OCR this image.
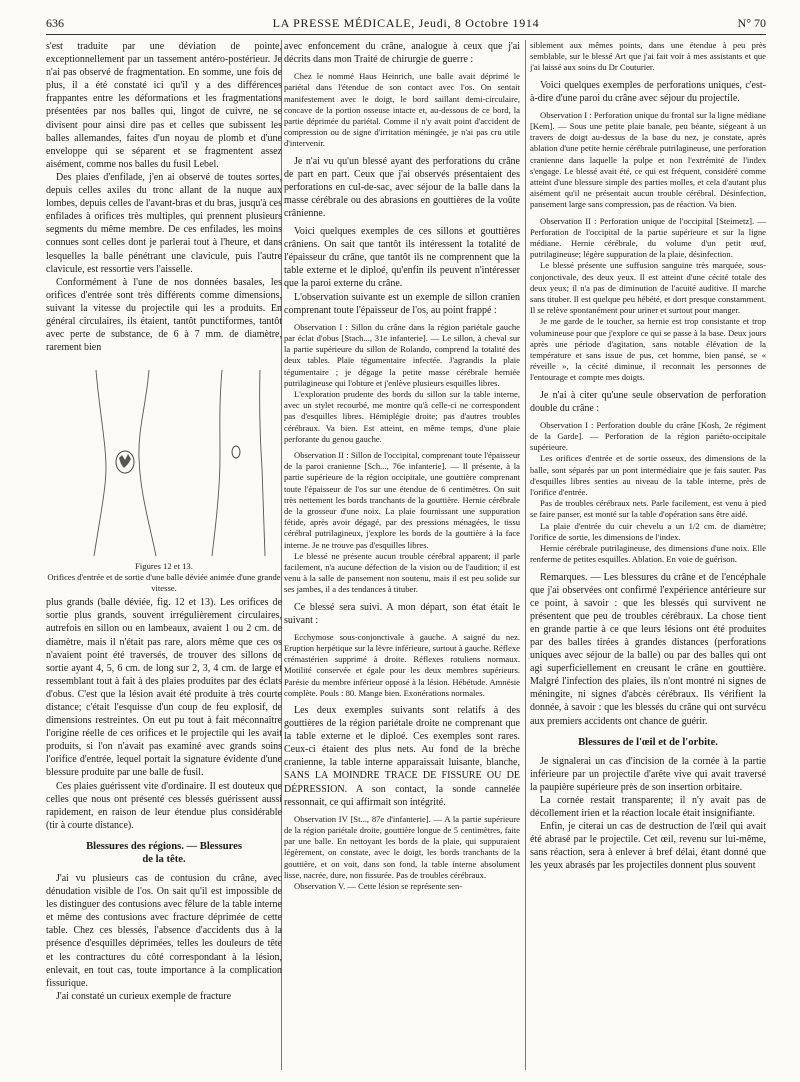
636	LA PRESSE MÉDICALE, Jeudi, 8 Octobre 1914	N° 70

s'est traduite par une déviation de pointe, exceptionnellement par un tassement antéro-postérieur. Je n'ai pas observé de fragmentation. En somme, une fois de plus, il a été constaté ici qu'il y a des différences frappantes entre les déformations et les fragmentations présentées par nos balles qui, lingot de cuivre, ne se divisent pour ainsi dire pas et celles que subissent les balles allemandes, faites d'un noyau de plomb et d'une enveloppe qui se séparent et se fragmentent assez aisément, comme nos balles du fusil Lebel.

Des plaies d'enfilade, j'en ai observé de toutes sortes, depuis celles axiles du tronc allant de la nuque aux lombes, depuis celles de l'avant-bras et du bras, jusqu'à ces enfilades à orifices très multiples, qui prennent plusieurs segments du même membre. De ces enfilades, les moins connues sont celles dont je parlerai tout à l'heure, et dans lesquelles la balle pénétrant une clavicule, puis l'autre clavicule, est ressortie vers l'aisselle.

Conformément à l'une de nos données basales, les orifices d'entrée sont très différents comme dimensions, suivant la vitesse du projectile qui les a produits. En général circulaires, ils étaient, tantôt punctiformes, tantôt avec perte de substance, de 6 à 7 mm. de diamètre, rarement bien

Figures 12 et 13.
Orifices d'entrée et de sortie d'une balle déviée animée d'une grande vitesse.

plus grands (balle déviée, fig. 12 et 13). Les orifices de sortie plus grands, souvent irrégulièrement circulaires, autrefois en sillon ou en lambeaux, avaient 1 ou 2 cm. de diamètre, mais il n'était pas rare, alors même que ces os n'avaient point été traversés, de trouver des sillons de sortie ayant 4, 5, 6 cm. de long sur 2, 3, 4 cm. de large et ressemblant tout à fait à des plaies produites par des éclats d'obus. C'est que la lésion avait été produite à très courte distance; c'était l'esquisse d'un coup de feu explosif, de dimensions restreintes. On eut pu tout à fait méconnaître l'origine réelle de ces orifices et le projectile qui les avait produits, si l'on n'avait pas examiné avec grands soins l'orifice d'entrée, lequel portait la signature évidente d'une blessure produite par une balle de fusil.

Ces plaies guérissent vite d'ordinaire. Il est douteux que celles que nous ont présenté ces blessés guérissent aussi rapidement, en raison de leur étendue plus considérable (tir à courte distance).

Blessures des régions. — Blessures
de la tête.

J'ai vu plusieurs cas de contusion du crâne, avec dénudation visible de l'os. On sait qu'il est impossible de les distinguer des contusions avec fêlure de la table interne et même des contusions avec fracture déprimée de cette table. Chez ces blessés, l'absence d'accidents dus à la présence d'esquilles déprimées, telles les douleurs de tête et les contractures du côté correspondant à la lésion, enlevait, en tout cas, toute importance à la complication fissurique.

J'ai constaté un curieux exemple de fracture

avec enfoncement du crâne, analogue à ceux que j'ai décrits dans mon Traité de chirurgie de guerre :

Chez le nommé Haus Heinrich, une balle avait déprimé le pariétal dans l'étendue de son contact avec l'os. On sentait manifestement avec le doigt, le bord saillant demi-circulaire, concave de la portion osseuse intacte et, au-dessous de ce bord, la partie déprimée du pariétal. Comme il n'y avait point d'accident de compression ou de signe d'irritation méningée, je n'ai pas cru utile d'intervenir.

Je n'ai vu qu'un blessé ayant des perforations du crâne de part en part. Ceux que j'ai observés présentaient des perforations en cul-de-sac, avec séjour de la balle dans la masse cérébrale ou des abrasions en gouttières de la voûte crânienne.

Voici quelques exemples de ces sillons et gouttières crâniens. On sait que tantôt ils intéressent la totalité de l'épaisseur du crâne, que tantôt ils ne comprennent que la table externe et le diploé, qu'enfin ils peuvent n'intéresser que la paroi externe du crâne.

L'observation suivante est un exemple de sillon cranien comprenant toute l'épaisseur de l'os, au point frappé :

Observation I : Sillon du crâne dans la région pariétale gauche par éclat d'obus [Stach..., 31e infanterie]. — Le sillon, à cheval sur la partie supérieure du sillon de Rolando, comprend la totalité des deux tables. Plaie tégumentaire infectée. J'agrandis la plaie tégumentaire ; je dégage la petite masse cérébrale herniée putrilagineuse qui l'obture et j'enlève plusieurs esquilles libres.

L'exploration prudente des bords du sillon sur la table interne, avec un stylet recourbé, me montre qu'à celle-ci ne correspondent pas d'esquilles libres. Hémiplégie droite; pas d'autres troubles cérébraux. Va bien. Est atteint, en même temps, d'une plaie perforante du genou gauche.

Observation II : Sillon de l'occipital, comprenant toute l'épaisseur de la paroi cranienne [Sch..., 76e infanterie]. — Il présente, à la partie supérieure de la région occipitale, une gouttière comprenant toute l'épaisseur de l'os sur une étendue de 6 centimètres. On suit très nettement les bords tranchants de la gouttière. Hernie cérébrale de la grosseur d'une noix. La plaie fournissant une suppuration fétide, après avoir dégagé, par des pressions ménagées, le tissu cérébral putrilagineux, j'explore les bords de la gouttière à la face interne. Je ne trouve pas d'esquilles libres.

Le blessé ne présente aucun trouble cérébral apparent; il parle facilement, n'a aucune défection de la vision ou de l'audition; il est venu à la salle de pansement non soutenu, mais il est peu solide sur ses jambes, il a des tendances à tituber.

Ce blessé sera suivi. A mon départ, son état était le suivant :

Ecchymose sous-conjonctivale à gauche. A saigné du nez. Eruption herpétique sur la lèvre inférieure, surtout à gauche. Réflexe crémastérien supprimé à droite. Réflexes rotuliens normaux. Motilité conservée et égale pour les deux membres supérieurs. Parésie du membre inférieur opposé à la lésion. Hébétude. Amnésie complète. Pouls : 80. Mange bien. Exonérations normales.

Les deux exemples suivants sont relatifs à des gouttières de la région pariétale droite ne comprenant que la table externe et le diploé. Ces exemples sont rares. Ceux-ci étaient des plus nets. Au fond de la brèche cranienne, la table interne apparaissait luisante, blanche, SANS LA MOINDRE TRACE DE FISSURE OU DE DÉPRESSION. A son contact, la sonde cannelée ressonnait, ce qui affirmait son intégrité.

Observation IV [St..., 87e d'infanterie]. — A la partie supérieure de la région pariétale droite, gouttière longue de 5 centimètres, faite par une balle. En nettoyant les bords de la plaie, qui suppuraient légèrement, on constate, avec le doigt, les bords tranchants de la gouttière, et on voit, dans son fond, la table interne absolument lisse, nacrée, dure, non fissurée. Pas de troubles cérébraux.

Observation V. — Cette lésion se représente sen-

siblement aux mêmes points, dans une étendue à peu près semblable, sur le blessé Art que j'ai fait voir à mes assistants et que j'ai laissé aux soins du Dr Couturier.

Voici quelques exemples de perforations uniques, c'est-à-dire d'une paroi du crâne avec séjour du projectile.

Observation I : Perforation unique du frontal sur la ligne médiane [Kem]. — Sous une petite plaie banale, peu béante, siégeant à un travers de doigt au-dessus de la base du nez, je constate, après ablation d'une petite hernie cérébrale putrilagineuse, une perforation cranienne dans laquelle la pulpe et non l'extrémité de l'index s'engage. Le blessé avait été, ce qui est fréquent, considéré comme atteint d'une blessure simple des parties molles, et cela d'autant plus aisément qu'il ne présentait aucun trouble cérébral. Désinfection, pansement large sans compression, pas de réaction. Va bien.

Observation II : Perforation unique de l'occipital [Steimetz]. — Perforation de l'occipital de la partie supérieure et sur la ligne médiane. Hernie cérébrale, du volume d'un petit œuf, putrilagineuse; légère suppuration de la plaie, désinfection.

Le blessé présente une suffusion sanguine très marquée, sous-conjonctivale, des deux yeux. Il est atteint d'une cécité totale des deux yeux; il n'a pas de diminution de l'acuité auditive. Il marche sans tituber. Il est quelque peu hébété, et dort presque constamment. Il se relève spontanément pour uriner et surtout pour manger.

Je me garde de le toucher, sa hernie est trop consistante et trop volumineuse pour que j'explore ce qui se passe à la base. Deux jours après une période d'agitation, sans notable élévation de la température et sans issue de pus, cet homme, bien pansé, se « réveille », la cécité diminue, il reconnait les personnes de l'entourage et compte mes doigts.

Je n'ai à citer qu'une seule observation de perforation double du crâne :

Observation I : Perforation double du crâne [Kosh, 2e régiment de la Garde]. — Perforation de la région pariéto-occipitale supérieure.

Les orifices d'entrée et de sortie osseux, des dimensions de la balle, sont séparés par un pont intermédiaire que je fais sauter. Pas d'esquilles libres senties au niveau de la table interne, près de l'orifice d'entrée.

Pas de troubles cérébraux nets. Parle facilement, est venu à pied se faire panser, est monté sur la table d'opération sans être aidé.

La plaie d'entrée du cuir chevelu a un 1/2 cm. de diamètre; l'orifice de sortie, les dimensions de l'index.

Hernie cérébrale putrilagineuse, des dimensions d'une noix. Elle renferme de petites esquilles. Ablation. En voie de guérison.

Remarques. — Les blessures du crâne et de l'encéphale que j'ai observées ont confirmé l'expérience antérieure sur ce point, à savoir : que les blessés qui survivent ne présentent que peu de troubles cérébraux. La chose tient en grande partie à ce que leurs lésions ont été produites par des balles tirées à grandes distances (perforations uniques avec séjour de la balle) ou par des balles qui ont agi superficiellement en creusant le crâne en gouttière. Malgré l'infection des plaies, ils n'ont montré ni signes de méningite, ni signes d'abcès cérébraux. Ils vérifient la donnée, à savoir : que les blessés du crâne qui ont survécu aux premiers accidents ont chance de guérir.

Blessures de l'œil et de l'orbite.

Je signalerai un cas d'incision de la cornée à la partie inférieure par un projectile d'arête vive qui avait traversé la paupière supérieure près de son insertion orbitaire.

La cornée restait transparente; il n'y avait pas de décollement irien et la réaction locale était insignifiante.

Enfin, je citerai un cas de destruction de l'œil qui avait été abrasé par le projectile. Cet œil, revenu sur lui-même, sans réaction, sera à enlever à bref délai, étant donné que les yeux abrasés par les projectiles donnent plus souvent
